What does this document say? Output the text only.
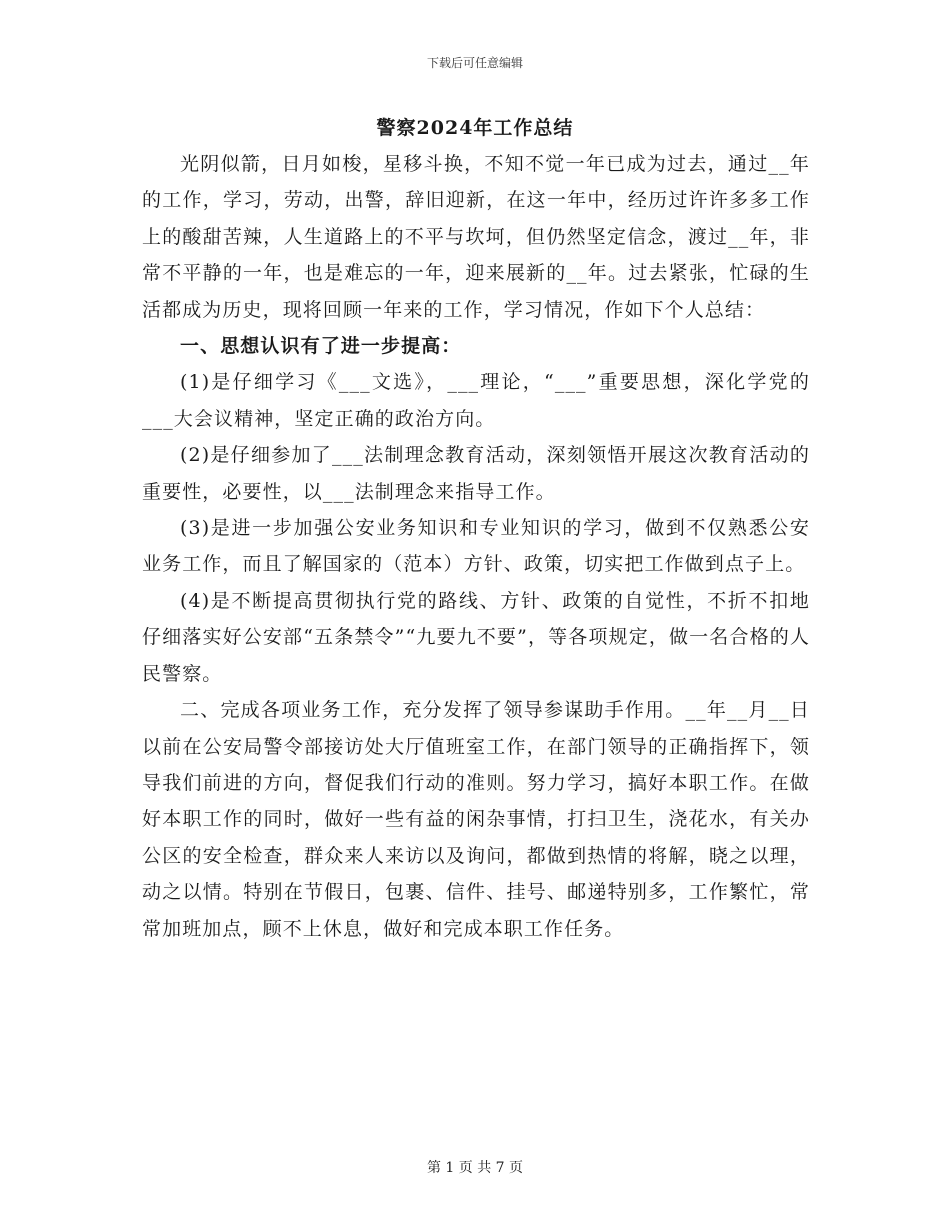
下载后可任意编辑
警察2024年工作总结

光阴似箭，日月如梭，星移斗换，不知不觉一年已成为过去，通过__年的工作，学习，劳动，出警，辞旧迎新，在这一年中，经历过许许多多工作上的酸甜苦辣，人生道路上的不平与坎坷，但仍然坚定信念，渡过__年，非常不平静的一年，也是难忘的一年，迎来展新的__年。过去紧张，忙碌的生活都成为历史，现将回顾一年来的工作，学习情况，作如下个人总结：

一、思想认识有了进一步提高：

(1)是仔细学习《___文选》，___理论，“___”重要思想，深化学党的___大会议精神，坚定正确的政治方向。

(2)是仔细参加了___法制理念教育活动，深刻领悟开展这次教育活动的重要性，必要性，以___法制理念来指导工作。

(3)是进一步加强公安业务知识和专业知识的学习，做到不仅熟悉公安业务工作，而且了解国家的（范本）方针、政策，切实把工作做到点子上。

(4)是不断提高贯彻执行党的路线、方针、政策的自觉性，不折不扣地仔细落实好公安部“五条禁令”“九要九不要”，等各项规定，做一名合格的人民警察。

二、完成各项业务工作，充分发挥了领导参谋助手作用。__年__月__日以前在公安局警令部接访处大厅值班室工作，在部门领导的正确指挥下，领导我们前进的方向，督促我们行动的准则。努力学习，搞好本职工作。在做好本职工作的同时，做好一些有益的闲杂事情，打扫卫生，浇花水，有关办公区的安全检查，群众来人来访以及询问，都做到热情的将解，晓之以理，动之以情。特别在节假日，包裹、信件、挂号、邮递特别多，工作繁忙，常常加班加点，顾不上休息，做好和完成本职工作任务。

第 1 页 共 7 页
